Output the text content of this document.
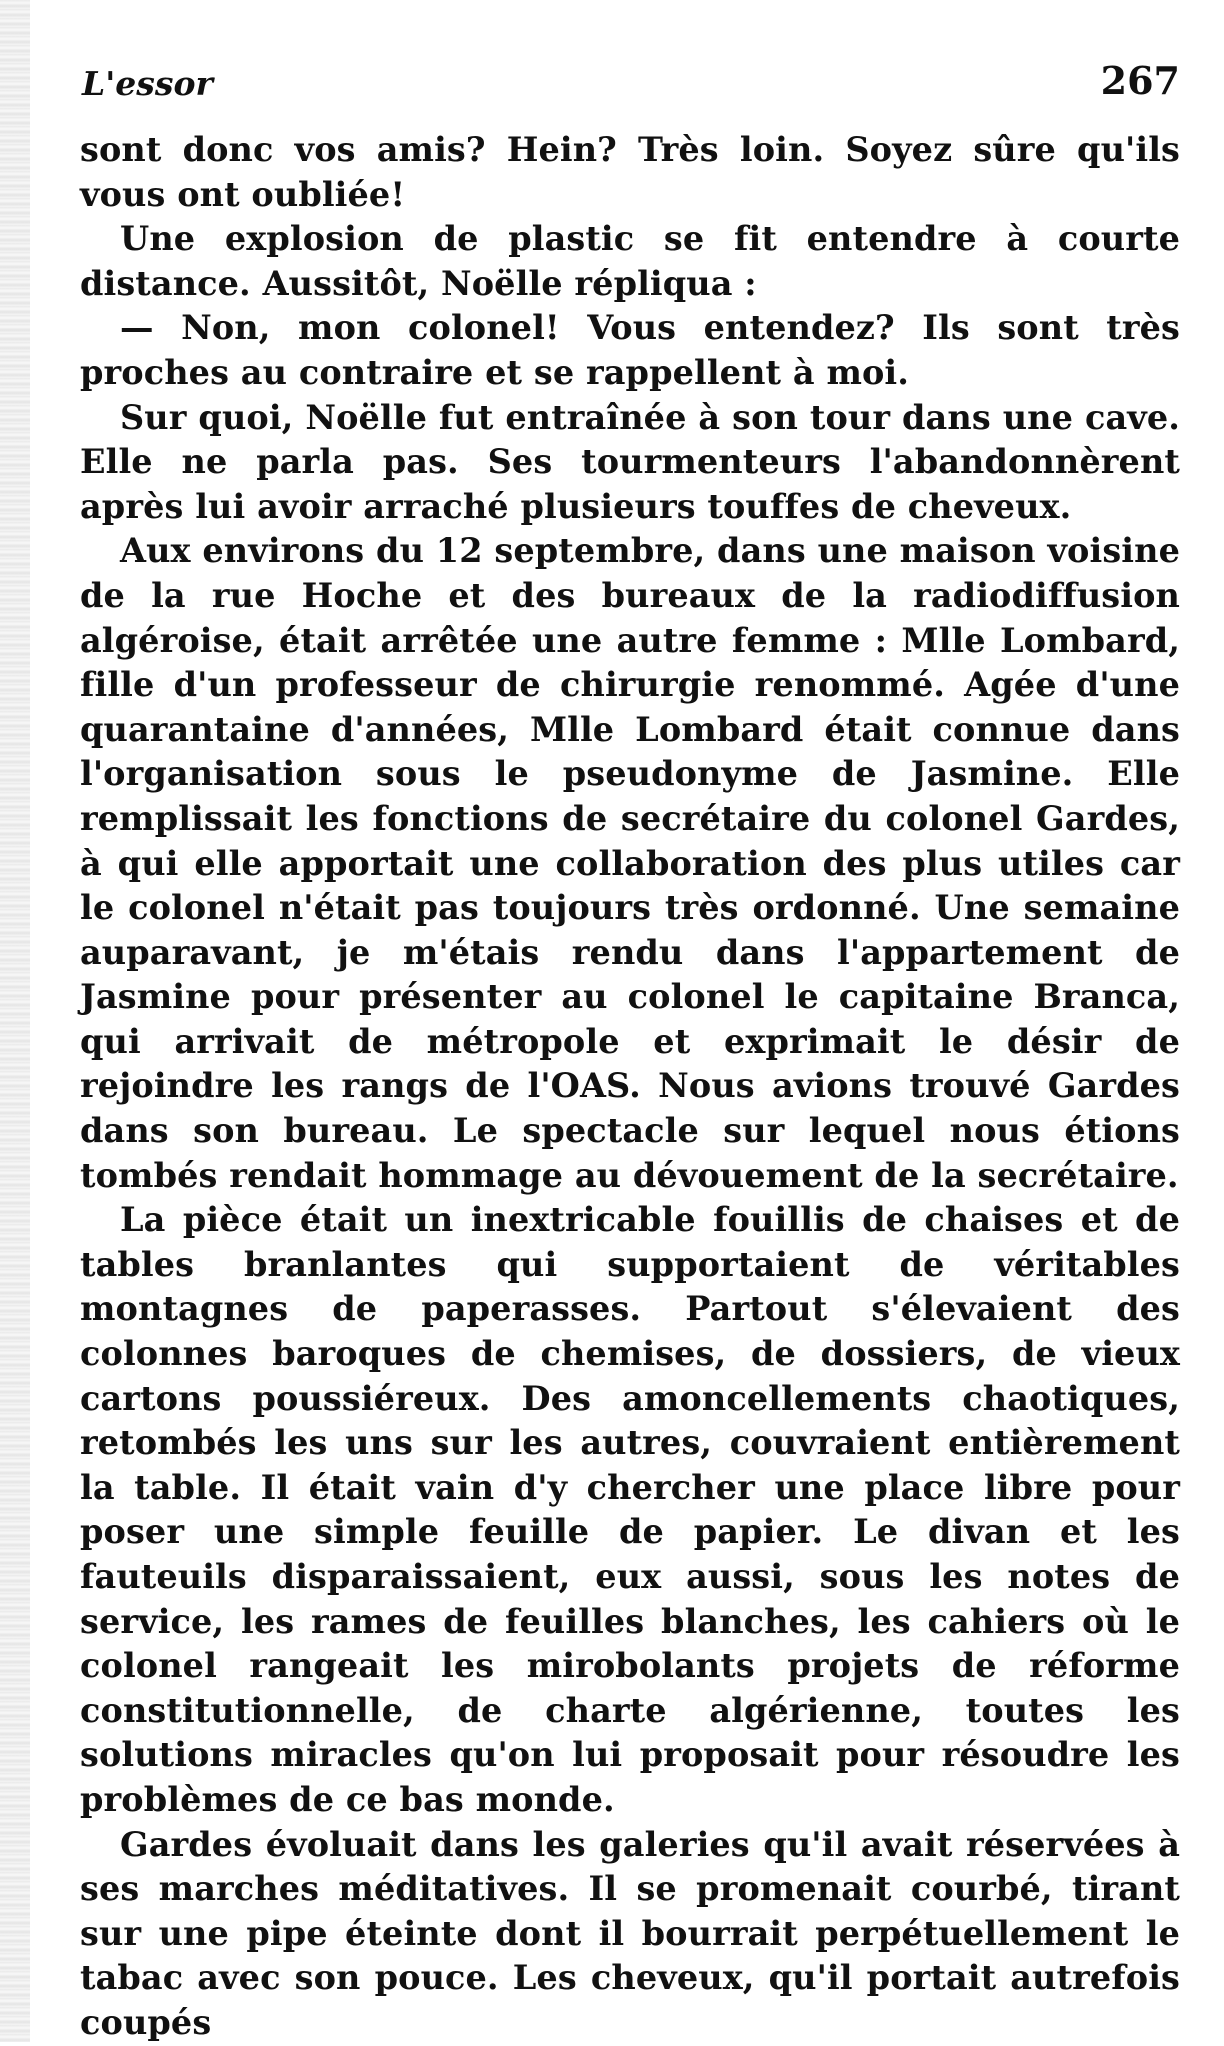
L'essor	267

sont donc vos amis? Hein? Très loin. Soyez sûre qu'ils vous ont oubliée!

Une explosion de plastic se fit entendre à courte distance. Aussitôt, Noëlle répliqua :

— Non, mon colonel! Vous entendez? Ils sont très proches au contraire et se rappellent à moi.

Sur quoi, Noëlle fut entraînée à son tour dans une cave. Elle ne parla pas. Ses tourmenteurs l'abandonnèrent après lui avoir arraché plusieurs touffes de cheveux.

Aux environs du 12 septembre, dans une maison voisine de la rue Hoche et des bureaux de la radiodiffusion algéroise, était arrêtée une autre femme : Mlle Lombard, fille d'un professeur de chirurgie renommé. Agée d'une quarantaine d'années, Mlle Lombard était connue dans l'organisation sous le pseudonyme de Jasmine. Elle remplissait les fonctions de secrétaire du colonel Gardes, à qui elle apportait une collaboration des plus utiles car le colonel n'était pas toujours très ordonné. Une semaine auparavant, je m'étais rendu dans l'appartement de Jasmine pour présenter au colonel le capitaine Branca, qui arrivait de métropole et exprimait le désir de rejoindre les rangs de l'OAS. Nous avions trouvé Gardes dans son bureau. Le spectacle sur lequel nous étions tombés rendait hommage au dévouement de la secrétaire.

La pièce était un inextricable fouillis de chaises et de tables branlantes qui supportaient de véritables montagnes de paperasses. Partout s'élevaient des colonnes baroques de chemises, de dossiers, de vieux cartons poussiéreux. Des amoncellements chaotiques, retombés les uns sur les autres, couvraient entièrement la table. Il était vain d'y chercher une place libre pour poser une simple feuille de papier. Le divan et les fauteuils disparaissaient, eux aussi, sous les notes de service, les rames de feuilles blanches, les cahiers où le colonel rangeait les mirobolants projets de réforme constitutionnelle, de charte algérienne, toutes les solutions miracles qu'on lui proposait pour résoudre les problèmes de ce bas monde.

Gardes évoluait dans les galeries qu'il avait réservées à ses marches méditatives. Il se promenait courbé, tirant sur une pipe éteinte dont il bourrait perpétuellement le tabac avec son pouce. Les cheveux, qu'il portait autrefois coupés
